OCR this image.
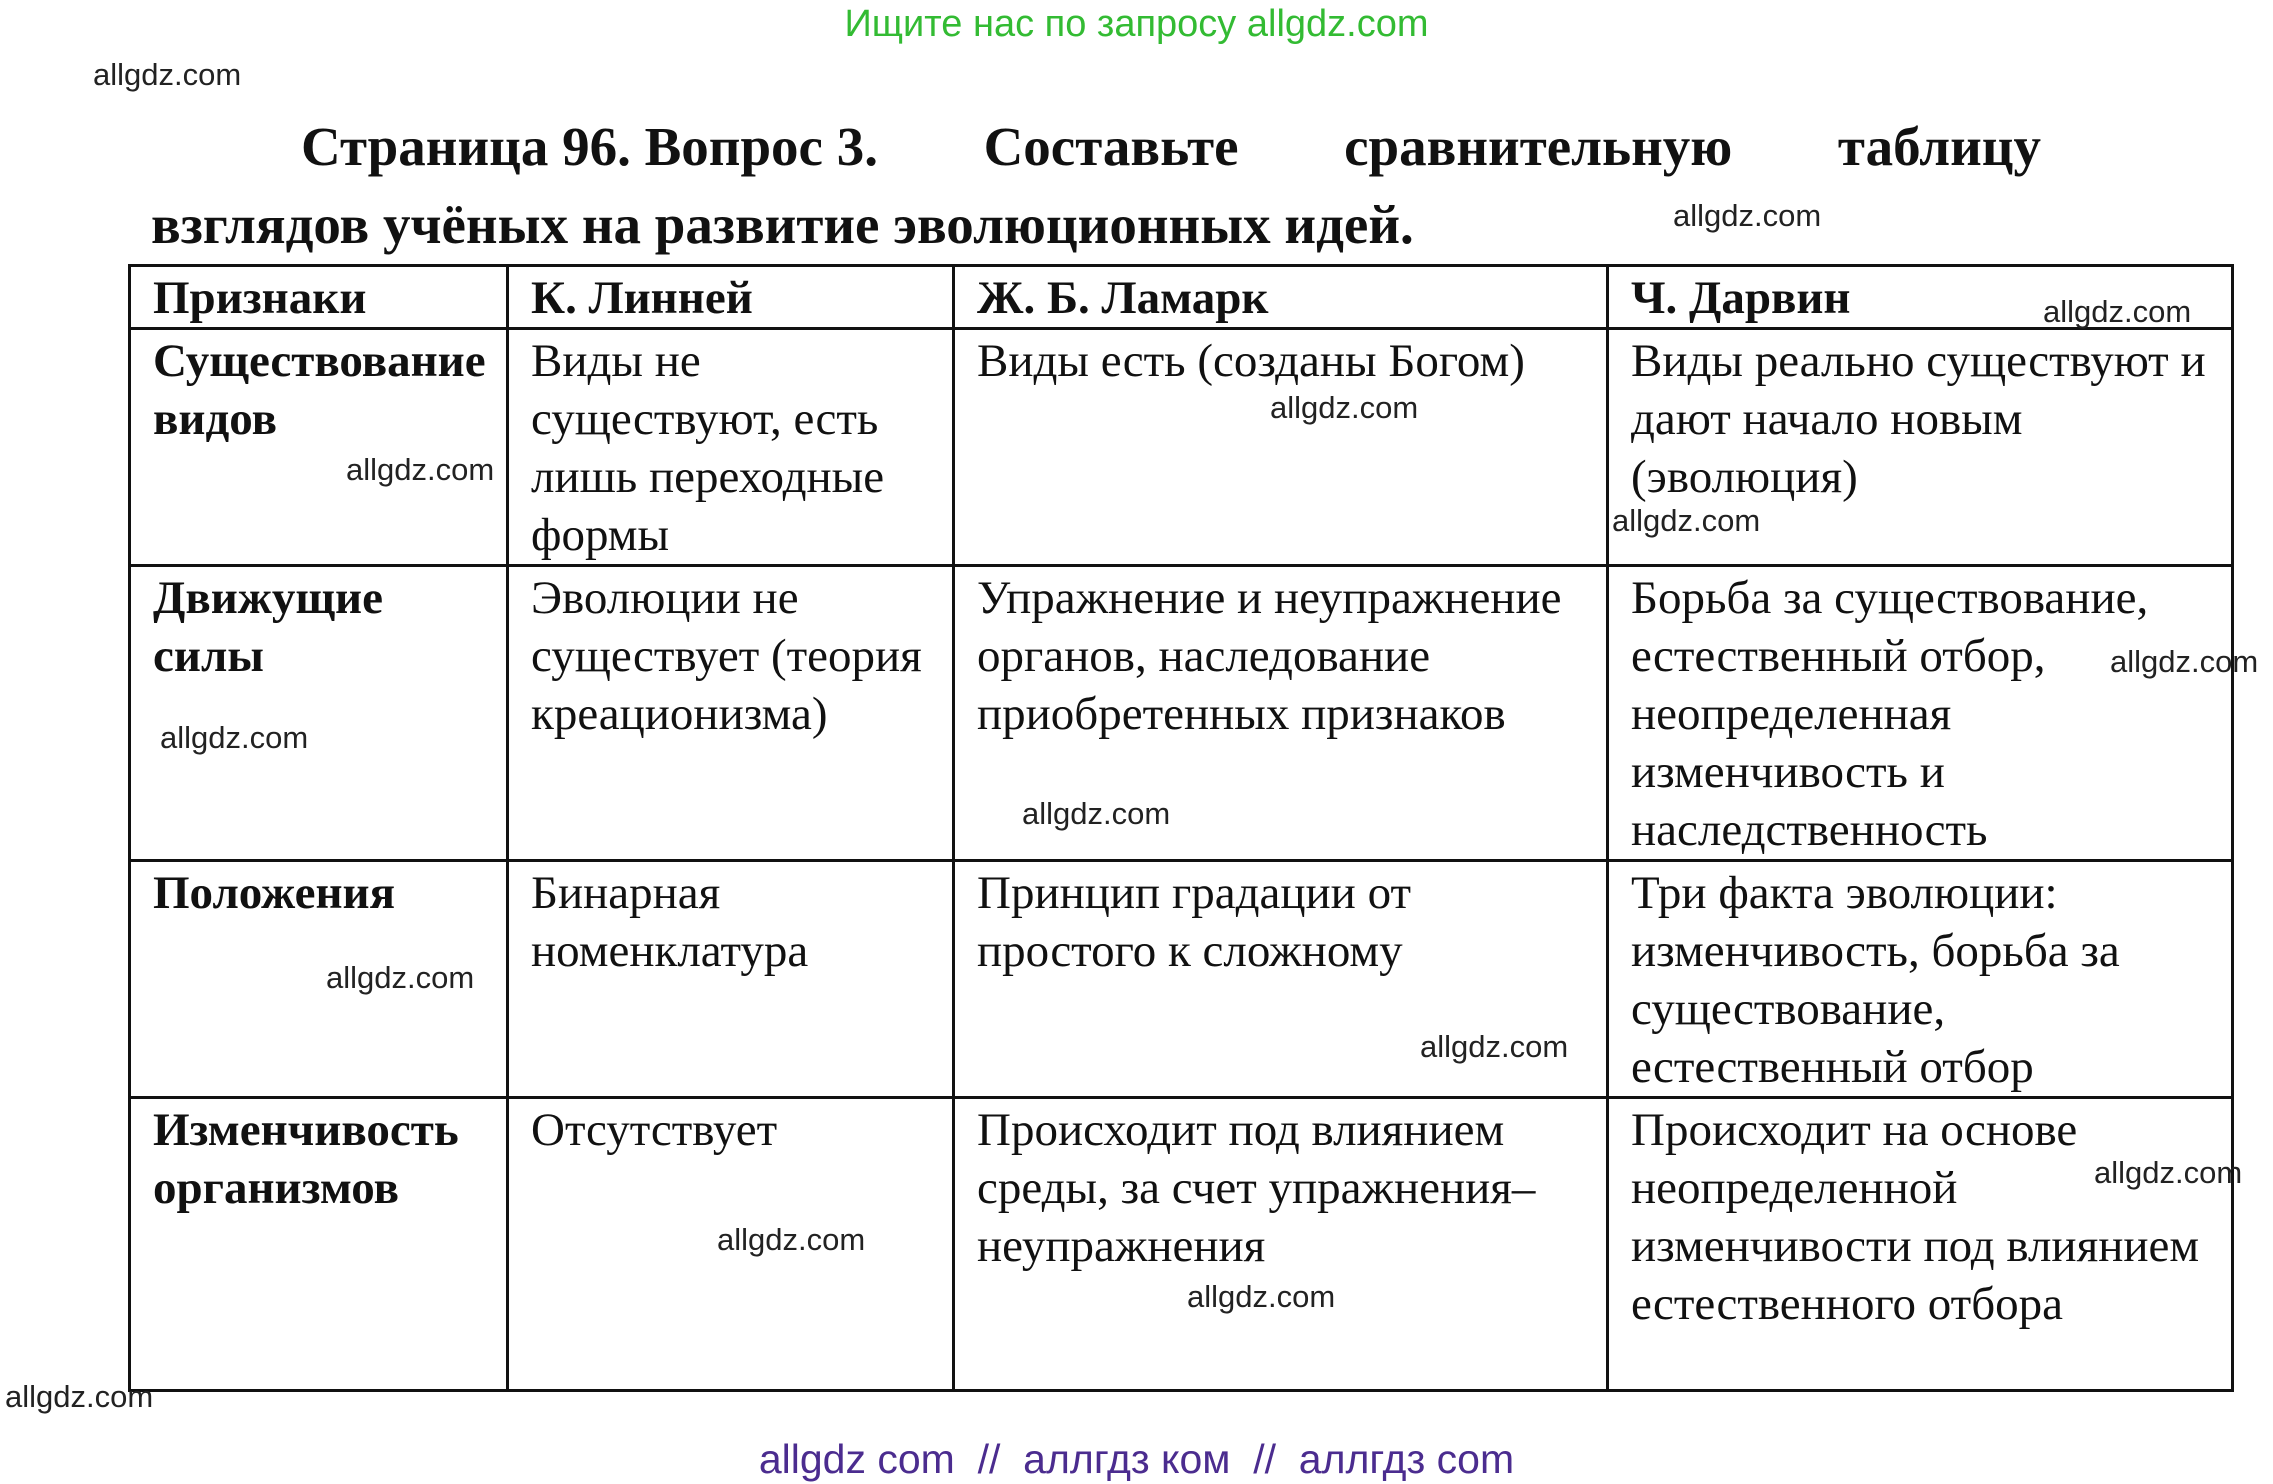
Ищите нас по запросу allgdz.com
Страница 96. Вопрос 3. Составьте сравнительную таблицу
взглядов учёных на развитие эволюционных идей.
Признаки	К. Линней	Ж. Б. Ламарк	Ч. Дарвин
Существование видов	Виды не существуют, есть лишь переходные формы	Виды есть (созданы Богом)	Виды реально существуют и дают начало новым (эволюция)
Движущие силы	Эволюции не существует (теория креационизма)	Упражнение и неупражнение органов, наследование приобретенных признаков	Борьба за существование, естественный отбор, неопределенная изменчивость и наследственность
Положения	Бинарная номенклатура	Принцип градации от простого к сложному	Три факта эволюции: изменчивость, борьба за существование, естественный отбор
Изменчивость организмов	Отсутствует	Происходит под влиянием среды, за счет упражнения–неупражнения	Происходит на основе неопределенной изменчивости под влиянием естественного отбора
allgdz.com
allgdz.com
allgdz.com
allgdz.com
allgdz.com
allgdz.com
allgdz.com
allgdz.com
allgdz.com
allgdz.com
allgdz.com
allgdz.com
allgdz.com
allgdz.com
allgdz.com
allgdz com  //  аллгдз ком  //  аллгдз com
